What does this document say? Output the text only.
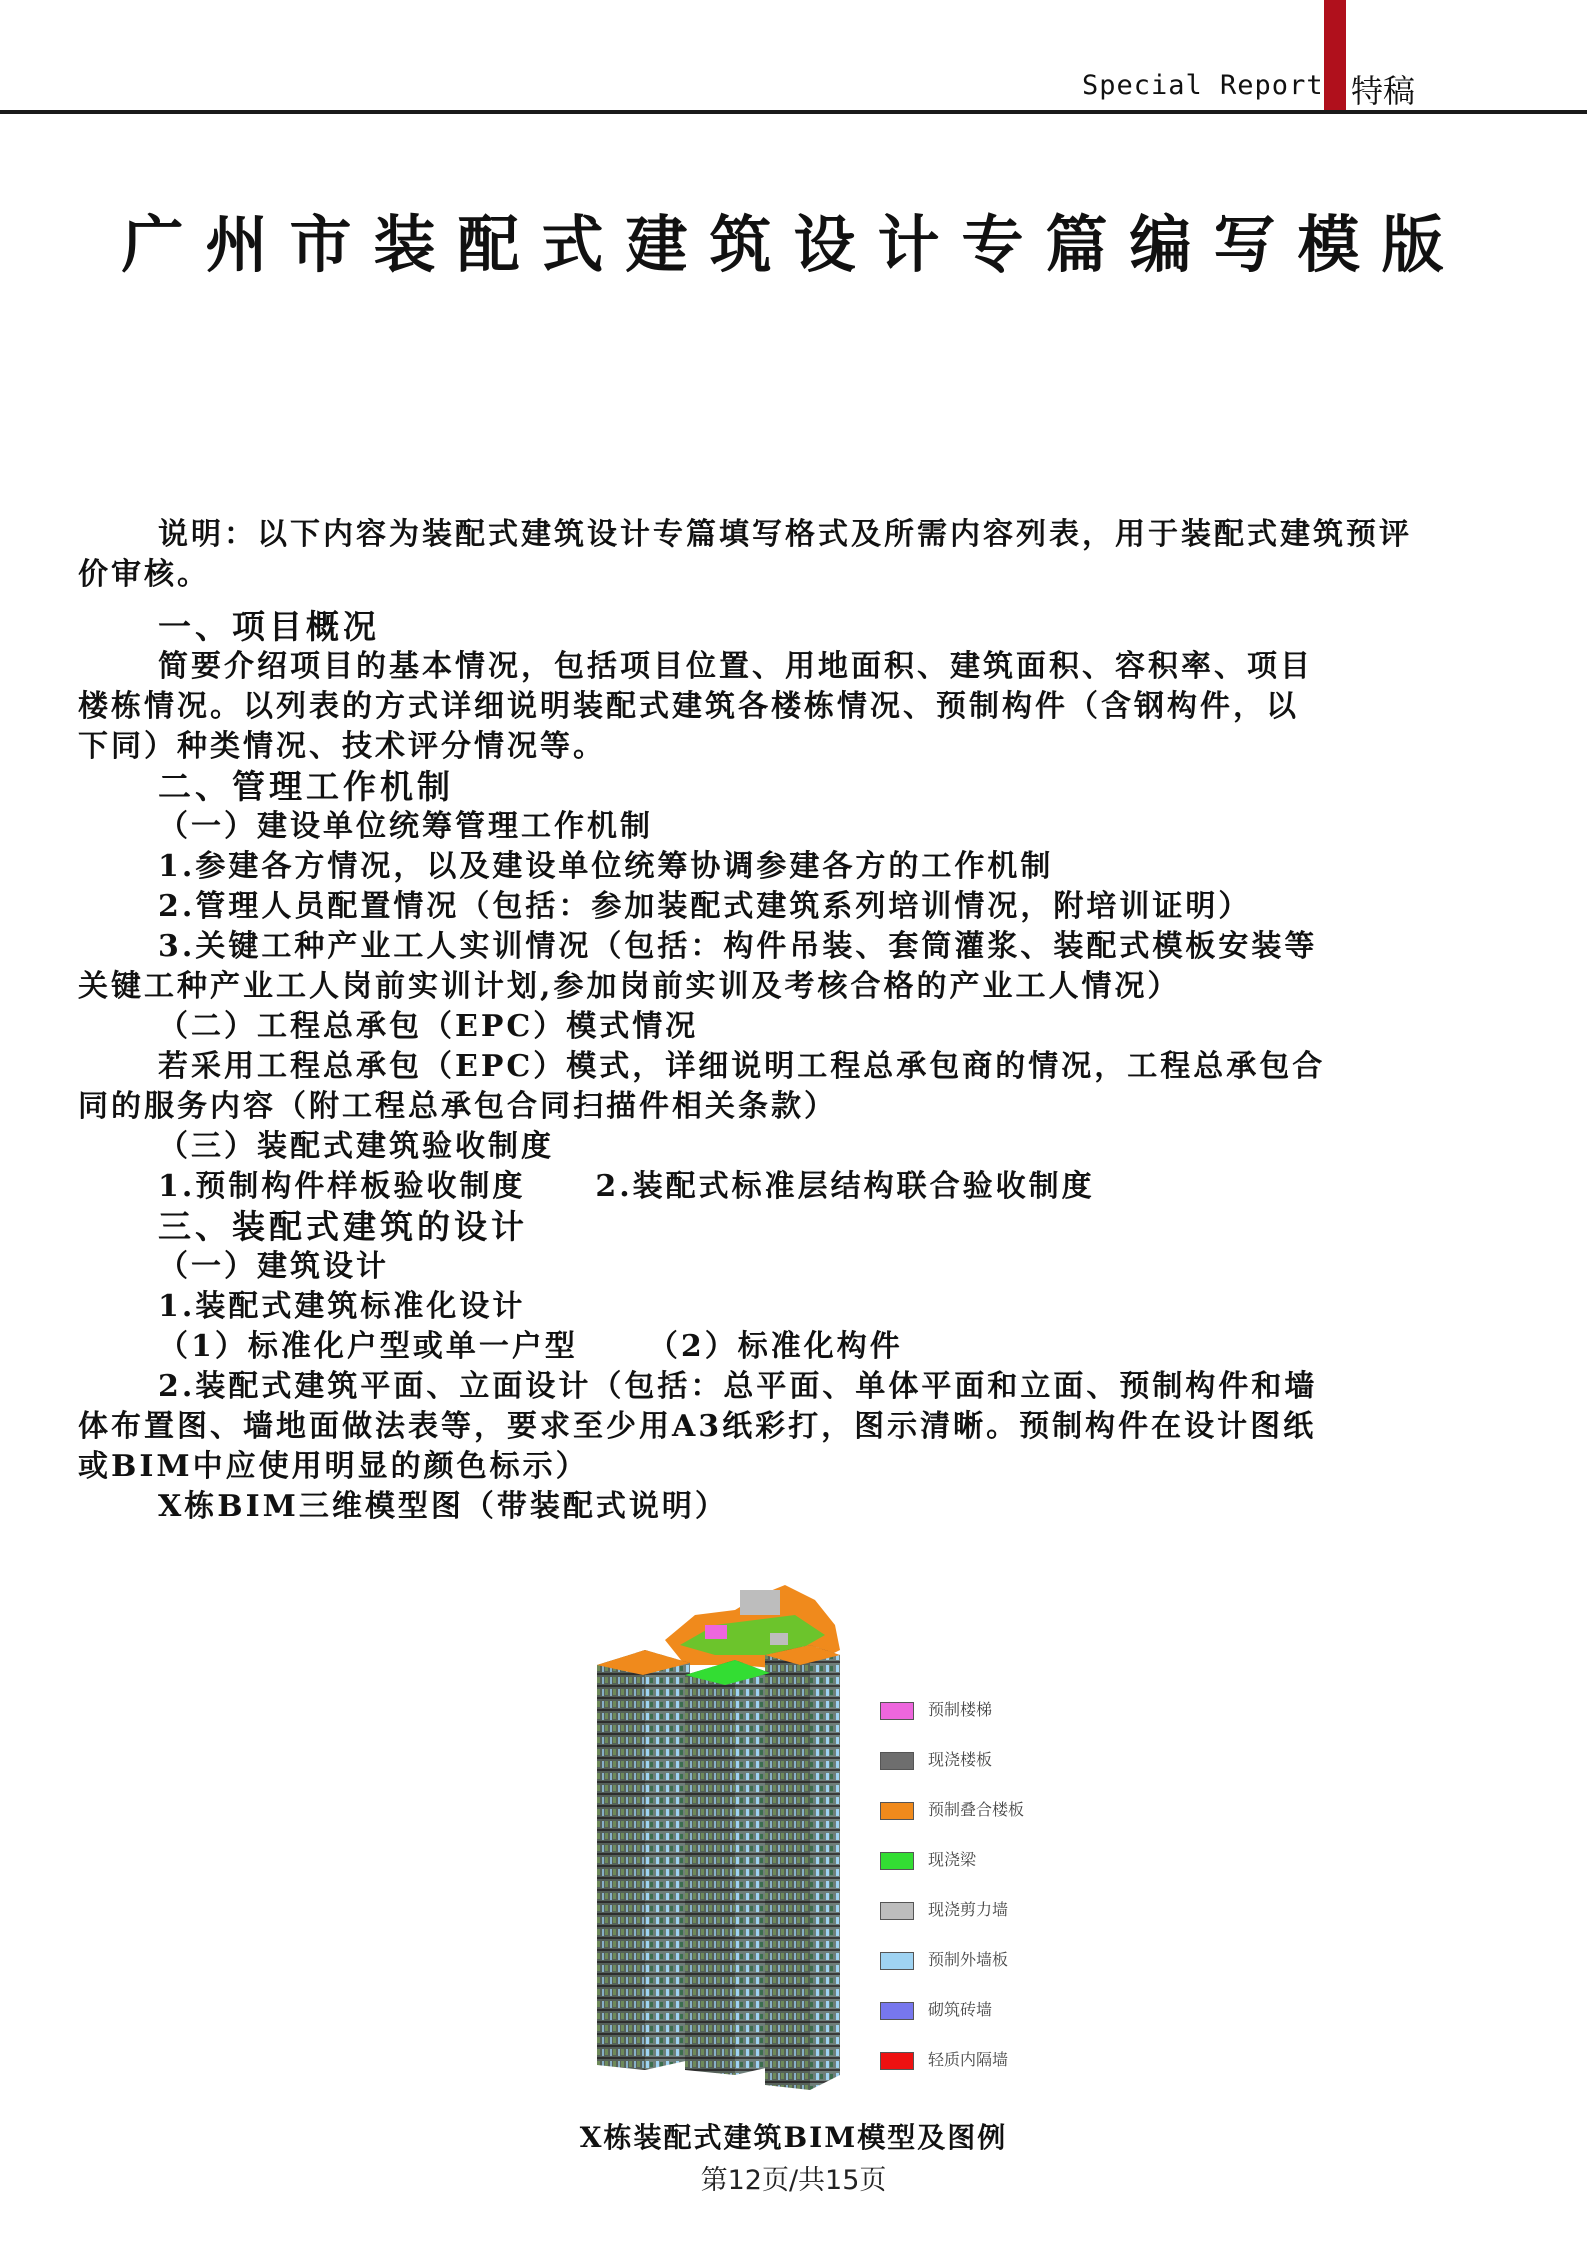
Special Report 特稿
广州市装配式建筑设计专篇编写模版

说明：以下内容为装配式建筑设计专篇填写格式及所需内容列表，用于装配式建筑预评

价审核。

一、项目概况

简要介绍项目的基本情况，包括项目位置、用地面积、建筑面积、容积率、项目

楼栋情况。以列表的方式详细说明装配式建筑各楼栋情况、预制构件（含钢构件，以

下同）种类情况、技术评分情况等。

二、管理工作机制

（一）建设单位统筹管理工作机制

1.参建各方情况，以及建设单位统筹协调参建各方的工作机制

2.管理人员配置情况（包括：参加装配式建筑系列培训情况，附培训证明）

3.关键工种产业工人实训情况（包括：构件吊装、套筒灌浆、装配式模板安装等

关键工种产业工人岗前实训计划,参加岗前实训及考核合格的产业工人情况）

（二）工程总承包（EPC）模式情况

若采用工程总承包（EPC）模式，详细说明工程总承包商的情况，工程总承包合

同的服务内容（附工程总承包合同扫描件相关条款）

（三）装配式建筑验收制度

1.预制构件样板验收制度 2.装配式标准层结构联合验收制度

三、装配式建筑的设计

（一）建筑设计

1.装配式建筑标准化设计

（1）标准化户型或单一户型 （2）标准化构件

2.装配式建筑平面、立面设计（包括：总平面、单体平面和立面、预制构件和墙

体布置图、墙地面做法表等，要求至少用A3纸彩打，图示清晰。预制构件在设计图纸

或BIM中应使用明显的颜色标示）

X栋BIM三维模型图（带装配式说明）

预制楼梯
现浇楼板
预制叠合楼板
现浇梁
现浇剪力墙
预制外墙板
砌筑砖墙
轻质内隔墙
X栋装配式建筑BIM模型及图例
第12页/共15页
